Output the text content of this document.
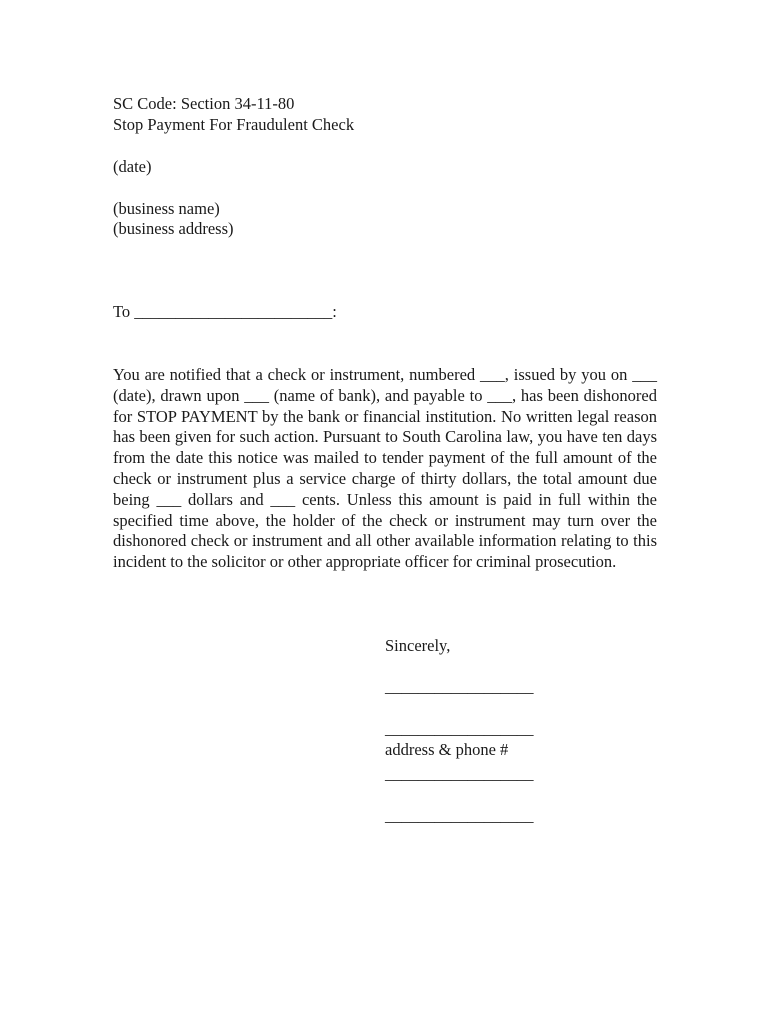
SC Code: Section 34-11-80
Stop Payment For Fraudulent Check
(date)
(business name)
(business address)
To ________________________:
You are notified that a check or instrument, numbered ___, issued by you on ___ (date), drawn upon ___ (name of bank), and payable to ___, has been dishonored for STOP PAYMENT by the bank or financial institution. No written legal reason has been given for such action. Pursuant to South Carolina law, you have ten days from the date this notice was mailed to tender payment of the full amount of the check or instrument plus a service charge of thirty dollars, the total amount due being ___ dollars and ___ cents. Unless this amount is paid in full within the specified time above, the holder of the check or instrument may turn over the dishonored check or instrument and all other available information relating to this incident to the solicitor or other appropriate officer for criminal prosecution.
Sincerely,
__________________
__________________
address & phone #
__________________
__________________
